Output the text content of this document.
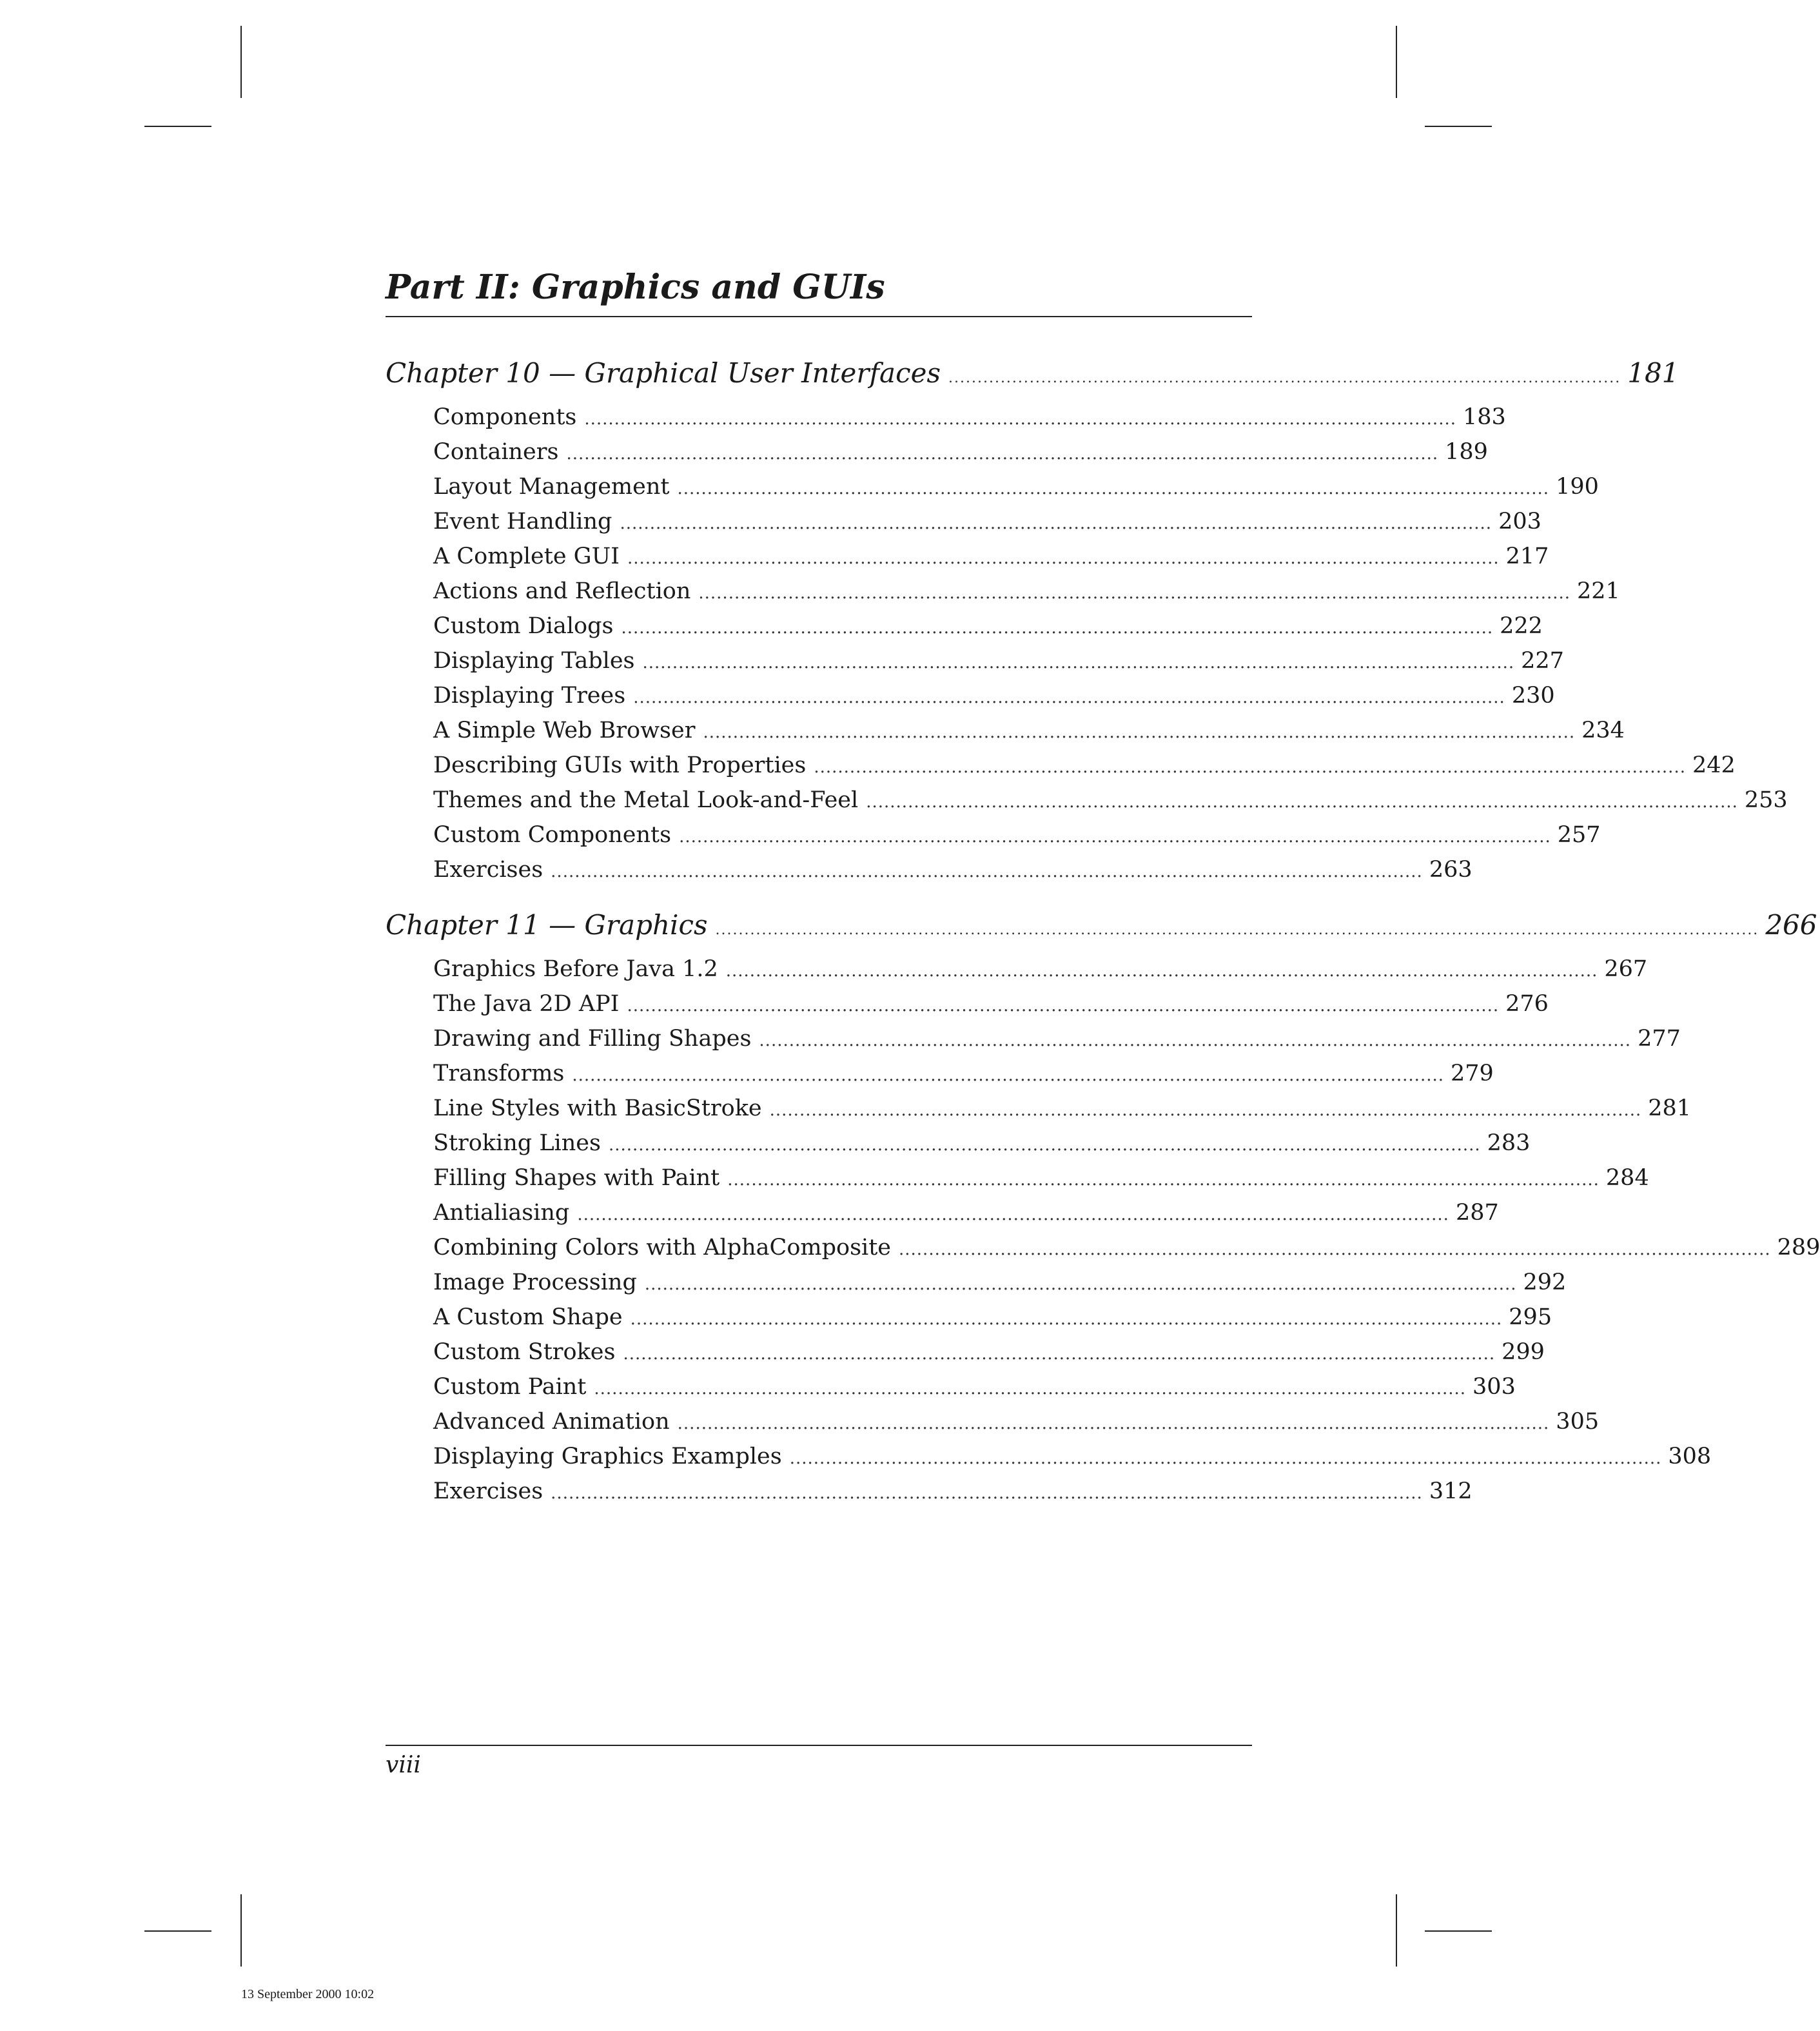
Part II: Graphics and GUIs
Chapter 10 — Graphical User Interfaces .................................................................................................................... 181
Components .................................................................................................................................................. 183
Containers .................................................................................................................................................. 189
Layout Management .................................................................................................................................................. 190
Event Handling .................................................................................................................................................. 203
A Complete GUI .................................................................................................................................................. 217
Actions and Reflection .................................................................................................................................................. 221
Custom Dialogs .................................................................................................................................................. 222
Displaying Tables .................................................................................................................................................. 227
Displaying Trees .................................................................................................................................................. 230
A Simple Web Browser .................................................................................................................................................. 234
Describing GUIs with Properties .................................................................................................................................................. 242
Themes and the Metal Look-and-Feel .................................................................................................................................................. 253
Custom Components .................................................................................................................................................. 257
Exercises .................................................................................................................................................. 263
Chapter 11 — Graphics .................................................................................................................................................................................... 266
Graphics Before Java 1.2 .................................................................................................................................................. 267
The Java 2D API .................................................................................................................................................. 276
Drawing and Filling Shapes .................................................................................................................................................. 277
Transforms .................................................................................................................................................. 279
Line Styles with BasicStroke .................................................................................................................................................. 281
Stroking Lines .................................................................................................................................................. 283
Filling Shapes with Paint .................................................................................................................................................. 284
Antialiasing .................................................................................................................................................. 287
Combining Colors with AlphaComposite .................................................................................................................................................. 289
Image Processing .................................................................................................................................................. 292
A Custom Shape .................................................................................................................................................. 295
Custom Strokes .................................................................................................................................................. 299
Custom Paint .................................................................................................................................................. 303
Advanced Animation .................................................................................................................................................. 305
Displaying Graphics Examples .................................................................................................................................................. 308
Exercises .................................................................................................................................................. 312
viii
13 September 2000 10:02
